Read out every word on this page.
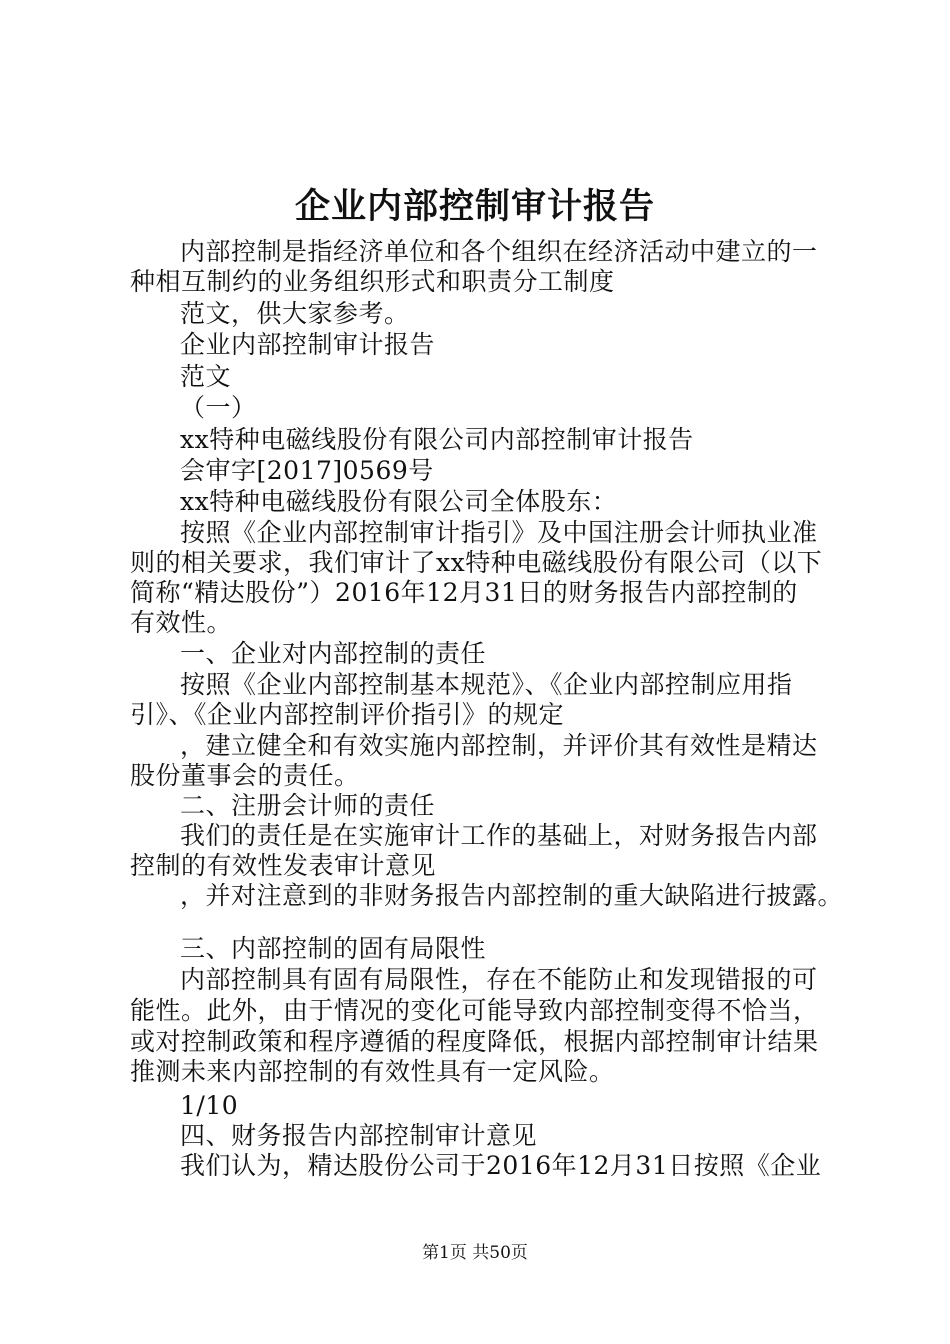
企业内部控制审计报告
内部控制是指经济单位和各个组织在经济活动中建立的一
种相互制约的业务组织形式和职责分工制度
范文，供大家参考。
企业内部控制审计报告
范文
（一）
xx特种电磁线股份有限公司内部控制审计报告
会审字[2017]0569号
xx特种电磁线股份有限公司全体股东：
按照《企业内部控制审计指引》及中国注册会计师执业准
则的相关要求，我们审计了xx特种电磁线股份有限公司（以下
简称“精达股份”）2016年12月31日的财务报告内部控制的
有效性。
一、企业对内部控制的责任
按照《企业内部控制基本规范》、《企业内部控制应用指
引》、《企业内部控制评价指引》的规定
，建立健全和有效实施内部控制，并评价其有效性是精达
股份董事会的责任。
二、注册会计师的责任
我们的责任是在实施审计工作的基础上，对财务报告内部
控制的有效性发表审计意见
，并对注意到的非财务报告内部控制的重大缺陷进行披露。
三、内部控制的固有局限性
内部控制具有固有局限性，存在不能防止和发现错报的可
能性。此外，由于情况的变化可能导致内部控制变得不恰当，
或对控制政策和程序遵循的程度降低，根据内部控制审计结果
推测未来内部控制的有效性具有一定风险。
1/10
四、财务报告内部控制审计意见
我们认为，精达股份公司于2016年12月31日按照《企业
第1页 共50页
